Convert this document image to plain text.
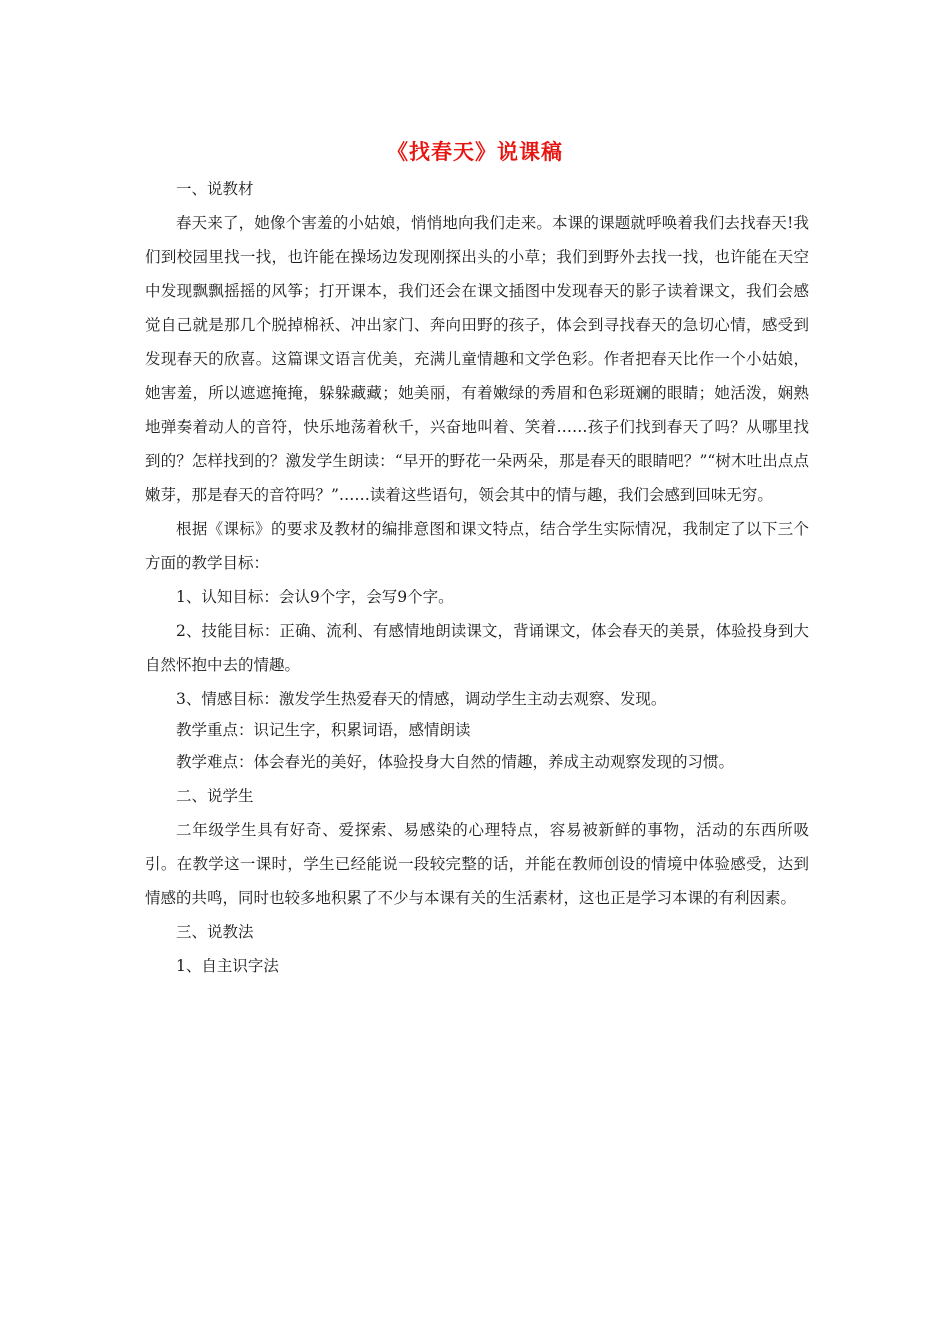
《找春天》说课稿

一、说教材

春天来了，她像个害羞的小姑娘，悄悄地向我们走来。本课的课题就呼唤着我们去找春天!我们到校园里找一找，也许能在操场边发现刚探出头的小草；我们到野外去找一找，也许能在天空中发现飘飘摇摇的风筝；打开课本，我们还会在课文插图中发现春天的影子读着课文，我们会感觉自己就是那几个脱掉棉袄、冲出家门、奔向田野的孩子，体会到寻找春天的急切心情，感受到发现春天的欣喜。这篇课文语言优美，充满儿童情趣和文学色彩。作者把春天比作一个小姑娘，她害羞，所以遮遮掩掩，躲躲藏藏；她美丽，有着嫩绿的秀眉和色彩斑斓的眼睛；她活泼，娴熟地弹奏着动人的音符，快乐地荡着秋千，兴奋地叫着、笑着……孩子们找到春天了吗？从哪里找到的？怎样找到的？激发学生朗读：“早开的野花一朵两朵，那是春天的眼睛吧？”“树木吐出点点嫩芽，那是春天的音符吗？”……读着这些语句，领会其中的情与趣，我们会感到回味无穷。

根据《课标》的要求及教材的编排意图和课文特点，结合学生实际情况，我制定了以下三个方面的教学目标：

1、认知目标：会认9个字，会写9个字。

2、技能目标：正确、流利、有感情地朗读课文，背诵课文，体会春天的美景，体验投身到大自然怀抱中去的情趣。

3、情感目标：激发学生热爱春天的情感，调动学生主动去观察、发现。

教学重点：识记生字，积累词语，感情朗读

教学难点：体会春光的美好，体验投身大自然的情趣，养成主动观察发现的习惯。

二、说学生

二年级学生具有好奇、爱探索、易感染的心理特点，容易被新鲜的事物，活动的东西所吸引。在教学这一课时，学生已经能说一段较完整的话，并能在教师创设的情境中体验感受，达到情感的共鸣，同时也较多地积累了不少与本课有关的生活素材，这也正是学习本课的有利因素。

三、说教法

1、自主识字法
